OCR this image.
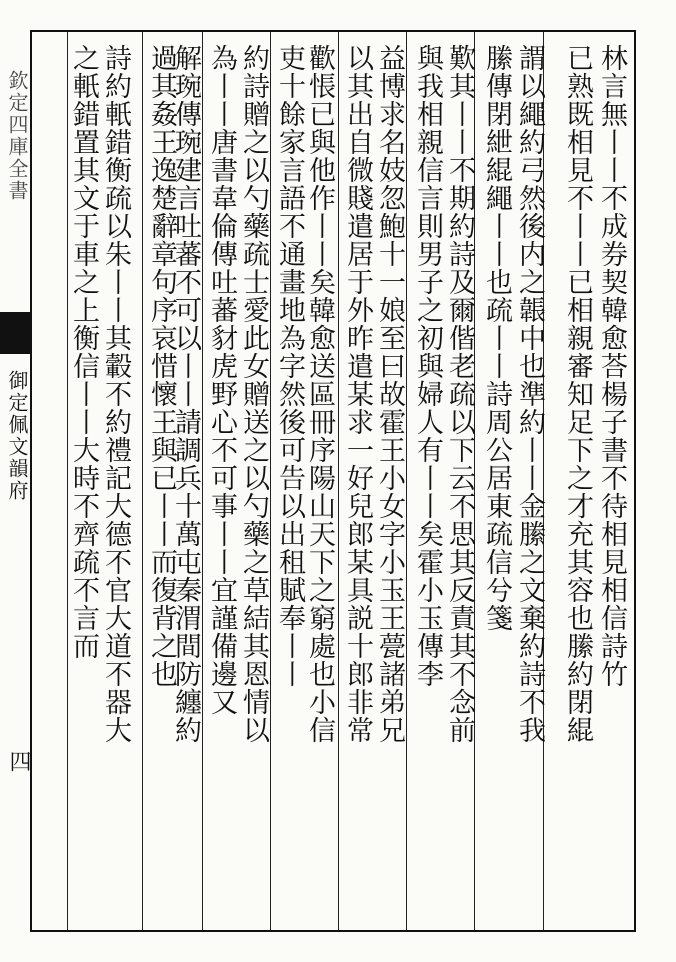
欽定四庫全書
御定佩文韻府
四
林言無丨丨不成券契韓愈荅楊子書不待相見相信詩竹
已熟既相見不丨丨已相親審知足下之才充其容也縢約閉緄
謂以繩約弓然後内之韔中也準約丨丨金縢之文棄約詩不我
縢傳閉紲緄繩丨丨也疏丨丨詩周公居東疏信兮箋
歎其丨丨不期約詩及爾偕老疏以下云不思其反責其不念前
與我相親信言則男子之初與婦人有丨丨矣霍小玉傳李
益博求名妓忽鮑十一娘至曰故霍王小女字小玉王甍諸弟兄
以其出自微賤遣居于外昨遣某求一好兒郎某具説十郎非常
歡悵已與他作丨丨矣韓愈送區冊序陽山天下之窮處也小信
吏十餘家言語不通畫地為字然後可告以出租賦奉丨丨
約詩贈之以勺藥疏士愛此女贈送之以勺藥之草結其恩情以
為丨丨唐書韋倫傳吐蕃豺虎野心不可事丨丨宜謹備邊又
解琬傳琬建言吐蕃不可以丨丨請調兵十萬屯秦渭間防纏約
過其姦王逸楚辭章句序哀惜懷王與已丨丨而復背之也
詩約軝錯衡疏以朱丨丨其轂不約禮記大德不官大道不器大
之軝錯置其文于車之上衡信丨丨大時不齊疏不言而
